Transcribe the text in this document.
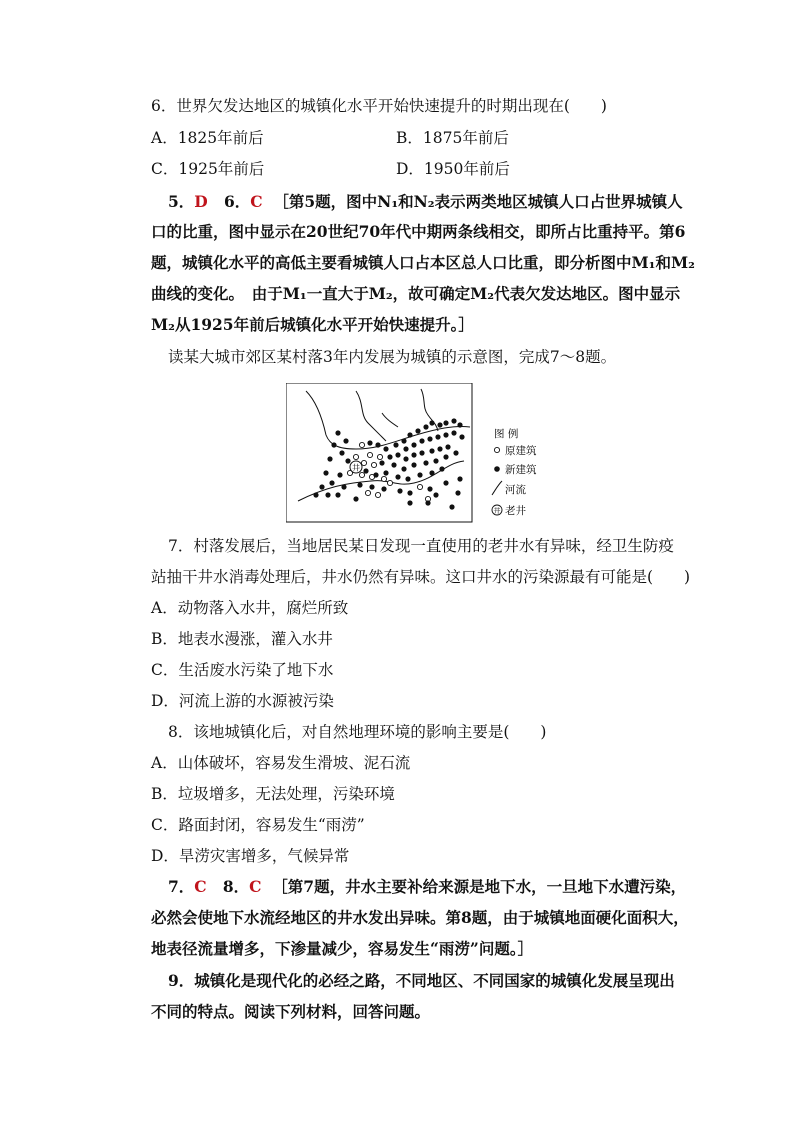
6．世界欠发达地区的城镇化水平开始快速提升的时期出现在(　　)
A．1825年前后	B．1875年前后
C．1925年前后	D．1950年前后
5．D 6．C ［第5题，图中N₁和N₂表示两类地区城镇人口占世界城镇人
口的比重，图中显示在20世纪70年代中期两条线相交，即所占比重持平。第6
题，城镇化水平的高低主要看城镇人口占本区总人口比重，即分析图中M₁和M₂
曲线的变化。　由于M₁一直大于M₂，故可确定M₂代表欠发达地区。图中显示
M₂从1925年前后城镇化水平开始快速提升。］
读某大城市郊区某村落3年内发展为城镇的示意图，完成7～8题。
井
图 例
原建筑
新建筑
河流
井 老井
7．村落发展后，当地居民某日发现一直使用的老井水有异味，经卫生防疫
站抽干井水消毒处理后，井水仍然有异味。这口井水的污染源最有可能是(　　)
A．动物落入水井，腐烂所致
B．地表水漫涨，灌入水井
C．生活废水污染了地下水
D．河流上游的水源被污染
8．该地城镇化后，对自然地理环境的影响主要是(　　)
A．山体破坏，容易发生滑坡、泥石流
B．垃圾增多，无法处理，污染环境
C．路面封闭，容易发生“雨涝”
D．旱涝灾害增多，气候异常
7．C 8．C ［第7题，井水主要补给来源是地下水，一旦地下水遭污染，
必然会使地下水流经地区的井水发出异味。第8题，由于城镇地面硬化面积大，
地表径流量增多，下渗量减少，容易发生“雨涝”问题。］
9．城镇化是现代化的必经之路，不同地区、不同国家的城镇化发展呈现出
不同的特点。阅读下列材料，回答问题。
